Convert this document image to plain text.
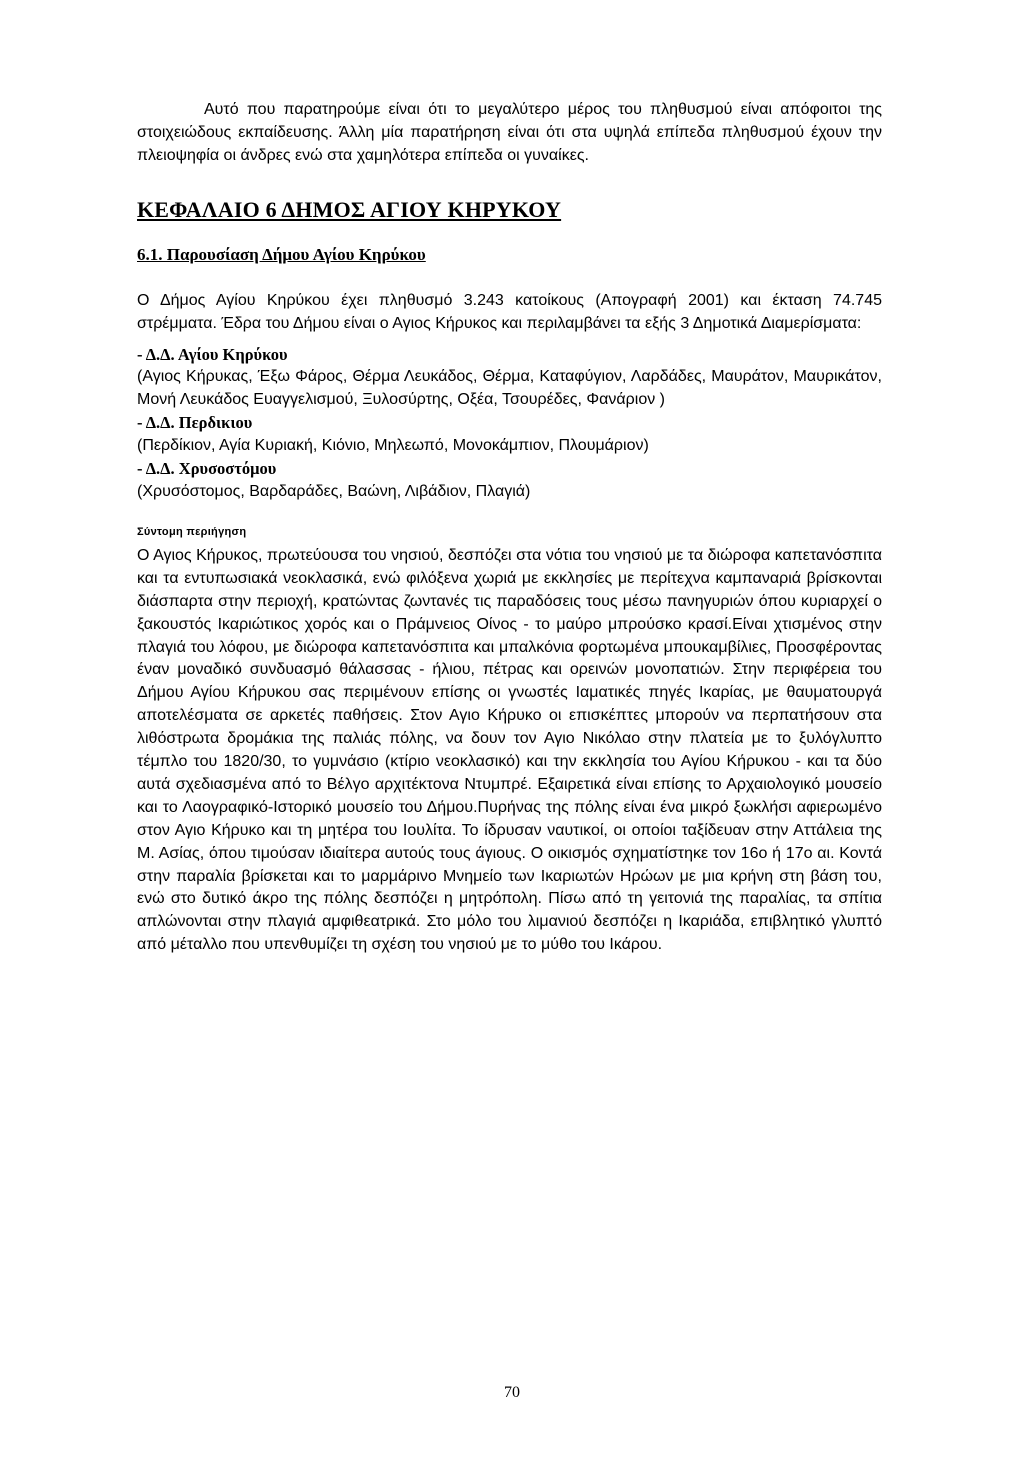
Αυτό που παρατηρούμε είναι ότι το μεγαλύτερο μέρος του πληθυσμού είναι απόφοιτοι της στοιχειώδους εκπαίδευσης. Άλλη μία παρατήρηση είναι ότι στα υψηλά επίπεδα πληθυσμού έχουν την πλειοψηφία οι άνδρες ενώ στα χαμηλότερα επίπεδα οι γυναίκες.

ΚΕΦΑΛΑΙΟ 6 ΔΗΜΟΣ ΑΓΙΟΥ ΚΗΡΥΚΟΥ

6.1. Παρουσίαση Δήμου Αγίου Κηρύκου

Ο Δήμος Αγίου Κηρύκου έχει πληθυσμό 3.243 κατοίκους (Απογραφή 2001) και έκταση 74.745 στρέμματα. Έδρα του Δήμου είναι ο Αγιος Κήρυκος και περιλαμβάνει τα εξής 3 Δημοτικά Διαμερίσματα:

- Δ.Δ. Αγίου Κηρύκου

(Αγιος Κήρυκας, Έξω Φάρος, Θέρμα Λευκάδος, Θέρμα, Καταφύγιον, Λαρδάδες, Μαυράτον, Μαυρικάτον, Μονή Λευκάδος Ευαγγελισμού, Ξυλοσύρτης, Οξέα, Τσουρέδες, Φανάριον )

- Δ.Δ. Περδικιου

(Περδίκιον, Αγία Κυριακή, Κιόνιο, Μηλεωπό, Μονοκάμπιον, Πλουμάριον)

- Δ.Δ. Χρυσοστόμου

(Χρυσόστομος, Βαρδαράδες, Βαώνη, Λιβάδιον, Πλαγιά)

Σύντομη περιήγηση

Ο Αγιος Κήρυκος, πρωτεύουσα του νησιού, δεσπόζει στα νότια του νησιού με τα διώροφα καπετανόσπιτα και τα εντυπωσιακά νεοκλασικά, ενώ φιλόξενα χωριά με εκκλησίες με περίτεχνα καμπαναριά βρίσκονται διάσπαρτα στην περιοχή, κρατώντας ζωντανές τις παραδόσεις τους μέσω πανηγυριών όπου κυριαρχεί ο ξακουστός Ικαριώτικος χορός και ο Πράμνειος Οίνος - το μαύρο μπρούσκο κρασί.Είναι χτισμένος στην πλαγιά του λόφου, με διώροφα καπετανόσπιτα και μπαλκόνια φορτωμένα μπουκαμβίλιες, Προσφέροντας έναν μοναδικό συνδυασμό θάλασσας - ήλιου, πέτρας και ορεινών μονοπατιών. Στην περιφέρεια του Δήμου Αγίου Κήρυκου σας περιμένουν επίσης οι γνωστές Ιαματικές πηγές Ικαρίας, με θαυματουργά αποτελέσματα σε αρκετές παθήσεις. Στον Αγιο Κήρυκο οι επισκέπτες μπορούν να περπατήσουν στα λιθόστρωτα δρομάκια της παλιάς πόλης, να δουν τον Αγιο Νικόλαο στην πλατεία με το ξυλόγλυπτο τέμπλο του 1820/30, το γυμνάσιο (κτίριο νεοκλασικό) και την εκκλησία του Αγίου Κήρυκου - και τα δύο αυτά σχεδιασμένα από το Βέλγο αρχιτέκτονα Ντυμπρέ. Εξαιρετικά είναι επίσης το Αρχαιολογικό μουσείο και το Λαογραφικό-Ιστορικό μουσείο του Δήμου.Πυρήνας της πόλης είναι ένα μικρό ξωκλήσι αφιερωμένο στον Αγιο Κήρυκο και τη μητέρα του Ιουλίτα. Το ίδρυσαν ναυτικοί, οι οποίοι ταξίδευαν στην Αττάλεια της Μ. Ασίας, όπου τιμούσαν ιδιαίτερα αυτούς τους άγιους. Ο οικισμός σχηματίστηκε τον 16ο ή 17ο αι. Κοντά στην παραλία βρίσκεται και το μαρμάρινο Μνημείο των Ικαριωτών Ηρώων με μια κρήνη στη βάση του, ενώ στο δυτικό άκρο της πόλης δεσπόζει η μητρόπολη. Πίσω από τη γειτονιά της παραλίας, τα σπίτια απλώνονται στην πλαγιά αμφιθεατρικά. Στο μόλο του λιμανιού δεσπόζει η Ικαριάδα, επιβλητικό γλυπτό από μέταλλο που υπενθυμίζει τη σχέση του νησιού με το μύθο του Ικάρου.

70
